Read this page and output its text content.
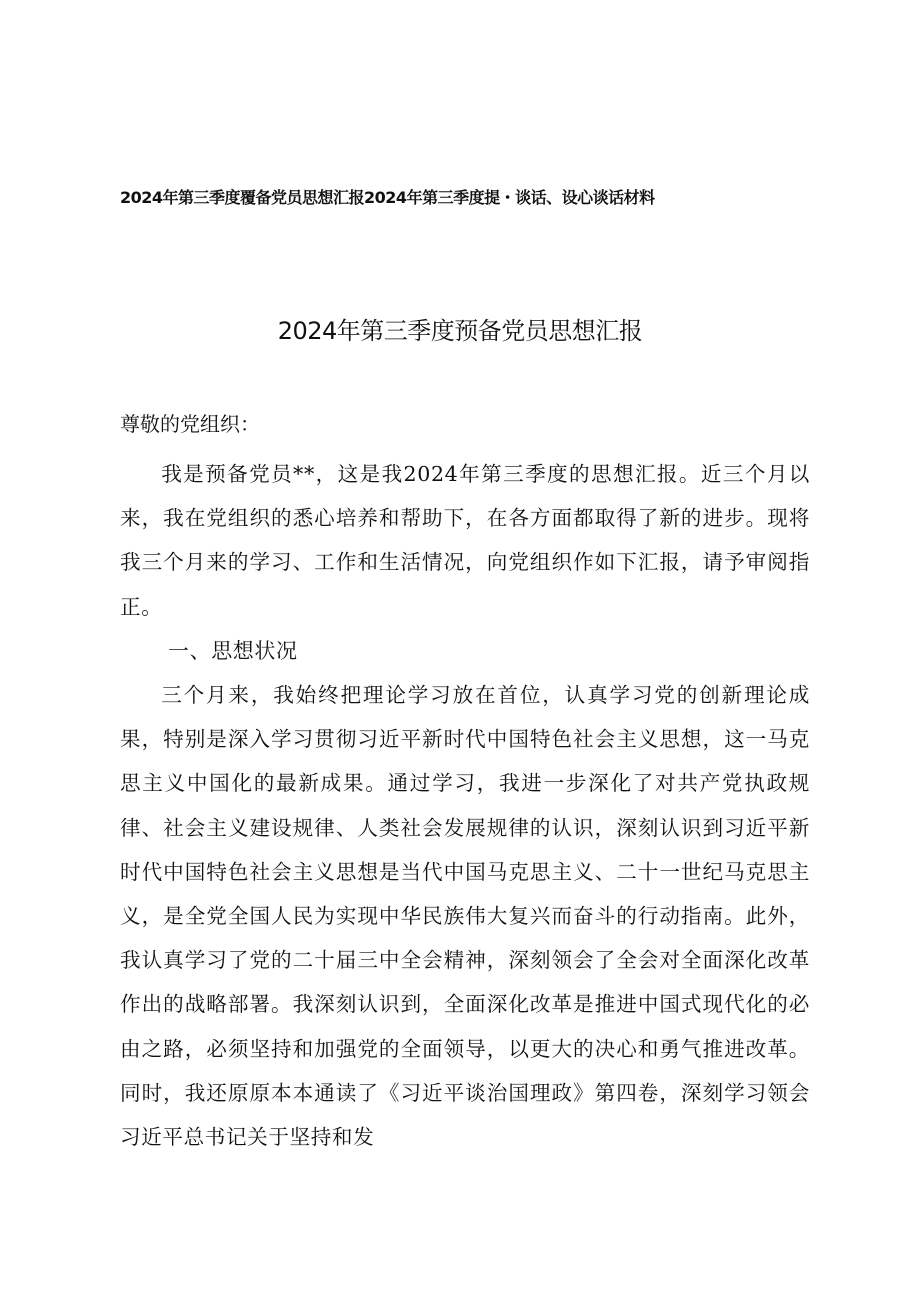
2024年第三季度覆备党员思想汇报2024年第三季度提・谈话、设心谈话材料
2024年第三季度预备党员思想汇报
尊敬的党组织：

我是预备党员**，这是我2024年第三季度的思想汇报。近三个月以来，我在党组织的悉心培养和帮助下，在各方面都取得了新的进步。现将我三个月来的学习、工作和生活情况，向党组织作如下汇报，请予审阅指正。

一、思想状况

三个月来，我始终把理论学习放在首位，认真学习党的创新理论成果，特别是深入学习贯彻习近平新时代中国特色社会主义思想，这一马克思主义中国化的最新成果。通过学习，我进一步深化了对共产党执政规律、社会主义建设规律、人类社会发展规律的认识，深刻认识到习近平新时代中国特色社会主义思想是当代中国马克思主义、二十一世纪马克思主义，是全党全国人民为实现中华民族伟大复兴而奋斗的行动指南。此外，我认真学习了党的二十届三中全会精神，深刻领会了全会对全面深化改革作出的战略部署。我深刻认识到，全面深化改革是推进中国式现代化的必由之路，必须坚持和加强党的全面领导，以更大的决心和勇气推进改革。同时，我还原原本本通读了《习近平谈治国理政》第四卷，深刻学习领会习近平总书记关于坚持和发
